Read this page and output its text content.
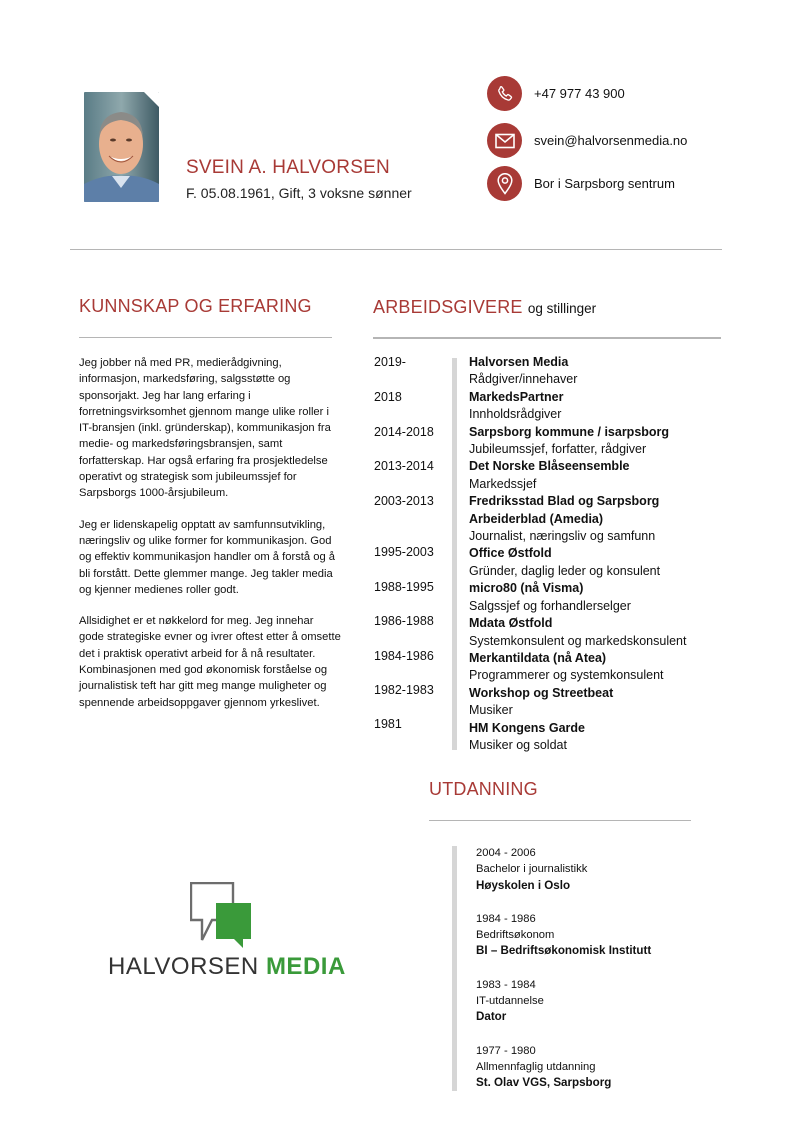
SVEIN A. HALVORSEN
F. 05.08.1961, Gift, 3 voksne sønner
+47 977 43 900
svein@halvorsenmedia.no
Bor i Sarpsborg sentrum
KUNNSKAP OG ERFARING

Jeg jobber nå med PR, medierådgivning, informasjon, markedsføring, salgsstøtte og sponsorjakt. Jeg har lang erfaring i forretningsvirksomhet gjennom mange ulike roller i IT-bransjen (inkl. gründerskap), kommunikasjon fra medie- og markedsføringsbransjen, samt forfatterskap. Har også erfaring fra prosjektledelse operativt og strategisk som jubileumssjef for Sarpsborgs 1000-årsjubileum.

Jeg er lidenskapelig opptatt av samfunnsutvikling, næringsliv og ulike former for kommunikasjon. God og effektiv kommunikasjon handler om å forstå og å bli forstått. Dette glemmer mange. Jeg takler media og kjenner medienes roller godt.

Allsidighet er et nøkkelord for meg. Jeg innehar gode strategiske evner og ivrer oftest etter å omsette det i praktisk operativt arbeid for å nå resultater. Kombinasjonen med god økonomisk forståelse og journalistisk teft har gitt meg mange muligheter og spennende arbeidsoppgaver gjennom yrkeslivet.

ARBEIDSGIVERE og stillinger
2019-
2018
2014-2018
2013-2014
2003-2013
1995-2003
1988-1995
1986-1988
1984-1986
1982-1983
1981
Halvorsen Media
Rådgiver/innehaver
MarkedsPartner
Innholdsrådgiver
Sarpsborg kommune / isarpsborg
Jubileumssjef, forfatter, rådgiver
Det Norske Blåseensemble
Markedssjef
Fredriksstad Blad og Sarpsborg Arbeiderblad (Amedia)
Journalist, næringsliv og samfunn
Office Østfold
Gründer, daglig leder og konsulent
micro80 (nå Visma)
Salgssjef og forhandlerselger
Mdata Østfold
Systemkonsulent og markedskonsulent
Merkantildata (nå Atea)
Programmerer og systemkonsulent
Workshop og Streetbeat
Musiker
HM Kongens Garde
Musiker og soldat
UTDANNING
2004 - 2006
Bachelor i journalistikk
Høyskolen i Oslo
1984 - 1986
Bedriftsøkonom
BI – Bedriftsøkonomisk Institutt
1983 - 1984
IT-utdannelse
Dator
1977 - 1980
Allmennfaglig utdanning
St. Olav VGS, Sarpsborg
HALVORSEN MEDIA
